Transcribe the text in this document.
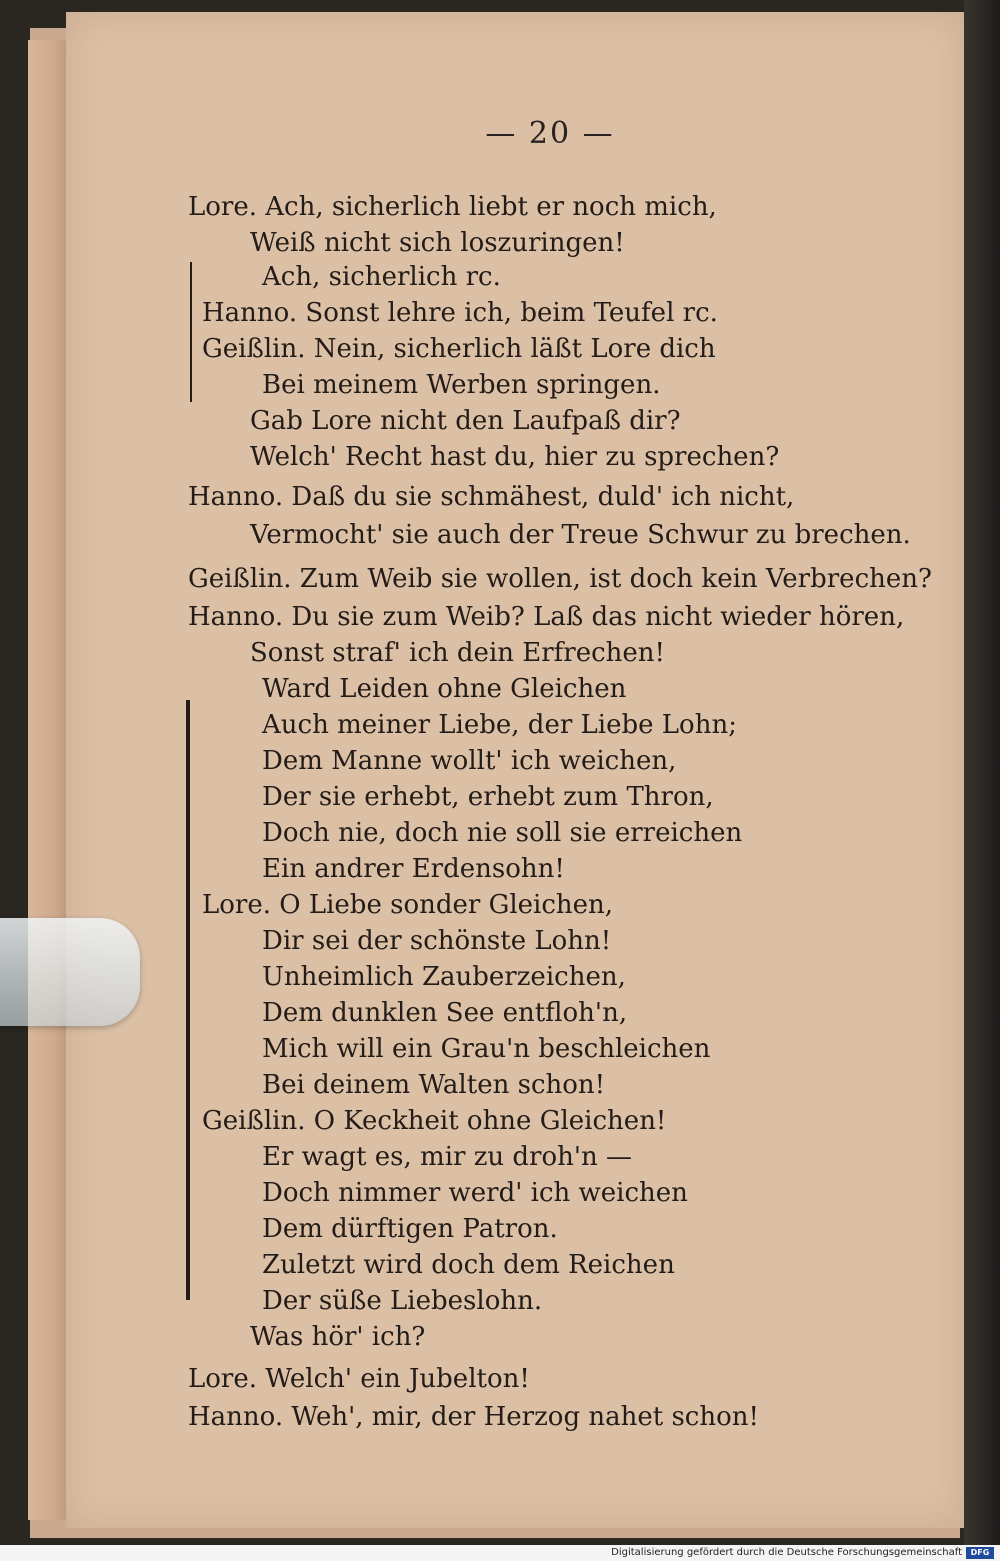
— 20 —
Lore. Ach, sicherlich liebt er noch mich,
Weiß nicht sich loszuringen!
Ach, sicherlich rc.
Hanno. Sonst lehre ich, beim Teufel rc.
Geißlin. Nein, sicherlich läßt Lore dich
Bei meinem Werben springen.
Gab Lore nicht den Laufpaß dir?
Welch' Recht hast du, hier zu sprechen?
Hanno. Daß du sie schmähest, duld' ich nicht,
Vermocht' sie auch der Treue Schwur zu brechen.
Geißlin. Zum Weib sie wollen, ist doch kein Verbrechen?
Hanno. Du sie zum Weib? Laß das nicht wieder hören,
Sonst straf' ich dein Erfrechen!
Ward Leiden ohne Gleichen
Auch meiner Liebe, der Liebe Lohn;
Dem Manne wollt' ich weichen,
Der sie erhebt, erhebt zum Thron,
Doch nie, doch nie soll sie erreichen
Ein andrer Erdensohn!
Lore. O Liebe sonder Gleichen,
Dir sei der schönste Lohn!
Unheimlich Zauberzeichen,
Dem dunklen See entfloh'n,
Mich will ein Grau'n beschleichen
Bei deinem Walten schon!
Geißlin. O Keckheit ohne Gleichen!
Er wagt es, mir zu droh'n —
Doch nimmer werd' ich weichen
Dem dürftigen Patron.
Zuletzt wird doch dem Reichen
Der süße Liebeslohn.
Was hör' ich?
Lore. Welch' ein Jubelton!
Hanno. Weh', mir, der Herzog nahet schon!
Digitalisierung gefördert durch die Deutsche Forschungsgemeinschaft	DFG
